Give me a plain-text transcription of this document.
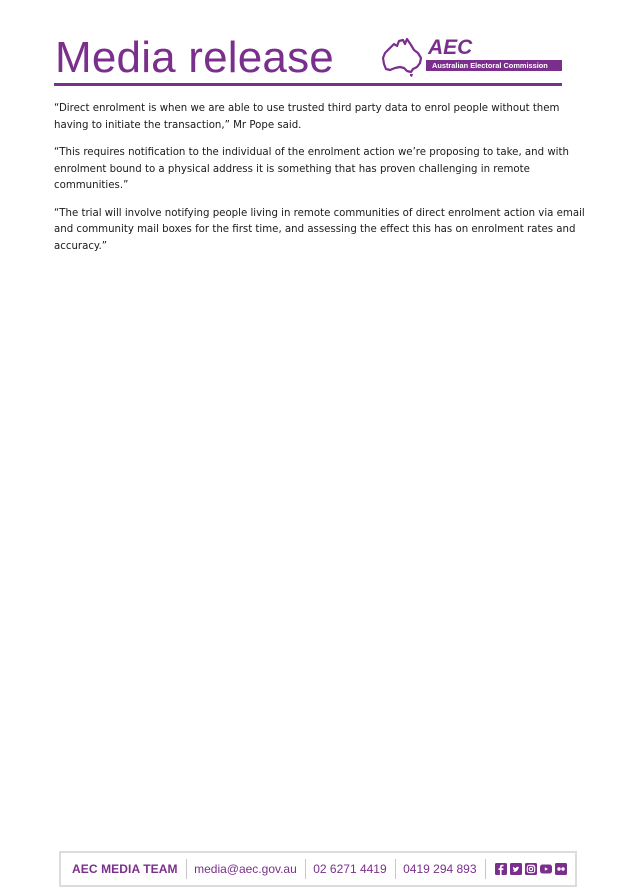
Media release	AEC
Australian Electoral Commission

“Direct enrolment is when we are able to use trusted third party data to enrol people without them having to initiate the transaction,” Mr Pope said.

“This requires notification to the individual of the enrolment action we’re proposing to take, and with enrolment bound to a physical address it is something that has proven challenging in remote communities.”

“The trial will involve notifying people living in remote communities of direct enrolment action via email and community mail boxes for the first time, and assessing the effect this has on enrolment rates and accuracy.”

AEC MEDIA TEAM media@aec.gov.au 02 6271 4419 0419 294 893
